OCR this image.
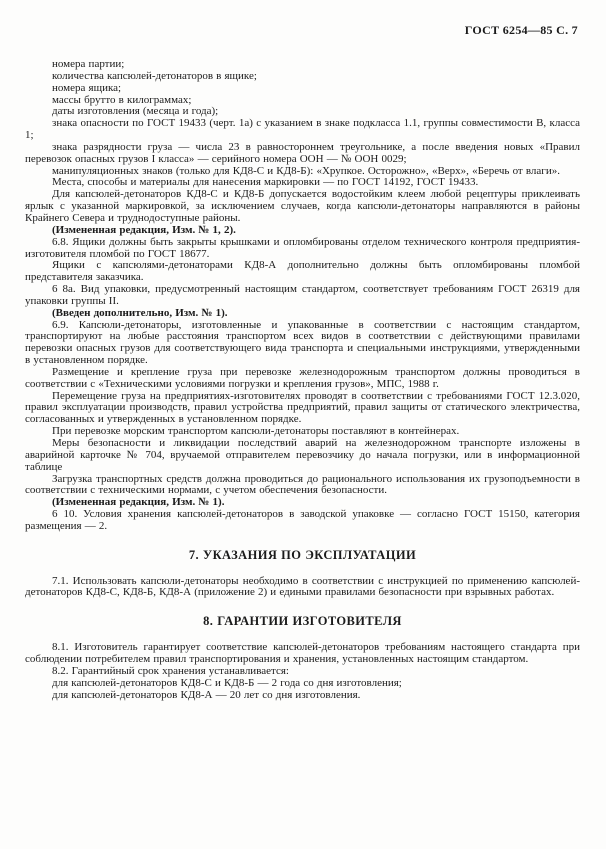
ГОСТ 6254—85 С. 7

номера партии;

количества капсюлей-детонаторов в ящике;

номера ящика;

массы брутто в килограммах;

даты изготовления (месяца и года);

знака опасности по ГОСТ 19433 (черт. 1а) с указанием в знаке подкласса 1.1, группы совместимости В, класса 1;

знака разрядности груза — числа 23 в равностороннем треугольнике, а после введения новых «Правил перевозок опасных грузов I класса» — серийного номера ООН — № ООН 0029;

манипуляционных знаков (только для КД8-С и КД8-Б): «Хрупкое. Осторожно», «Верх», «Беречь от влаги».

Места, способы и материалы для нанесения маркировки — по ГОСТ 14192, ГОСТ 19433.

Для капсюлей-детонаторов КД8-С и КД8-Б допускается водостойким клеем любой рецептуры приклеивать ярлык с указанной маркировкой, за исключением случаев, когда капсюли-детонаторы направляются в районы Крайнего Севера и труднодоступные районы.

(Измененная редакция, Изм. № 1, 2).

6.8. Ящики должны быть закрыты крышками и опломбированы отделом технического контроля предприятия-изготовителя пломбой по ГОСТ 18677.

Ящики с капсюлями-детонаторами КД8-А дополнительно должны быть опломбированы пломбой представителя заказчика.

6 8а. Вид упаковки, предусмотренный настоящим стандартом, соответствует требованиям ГОСТ 26319 для упаковки группы II.

(Введен дополнительно, Изм. № 1).

6.9. Капсюли-детонаторы, изготовленные и упакованные в соответствии с настоящим стандартом, транспортируют на любые расстояния транспортом всех видов в соответствии с действующими правилами перевозки опасных грузов для соответствующего вида транспорта и специальными инструкциями, утвержденными в установленном порядке.

Размещение и крепление груза при перевозке железнодорожным транспортом должны проводиться в соответствии с «Техническими условиями погрузки и крепления грузов», МПС, 1988 г.

Перемещение груза на предприятиях-изготовителях проводят в соответствии с требованиями ГОСТ 12.3.020, правил эксплуатации производств, правил устройства предприятий, правил защиты от статического электричества, согласованных и утвержденных в установленном порядке.

При перевозке морским транспортом капсюли-детонаторы поставляют в контейнерах.

Меры безопасности и ликвидации последствий аварий на железнодорожном транспорте изложены в аварийной карточке № 704, вручаемой отправителем перевозчику до начала погрузки, или в информационной таблице

Загрузка транспортных средств должна проводиться до рационального использования их грузоподъемности в соответствии с техническими нормами, с учетом обеспечения безопасности.

(Измененная редакция, Изм. № 1).

6 10. Условия хранения капсюлей-детонаторов в заводской упаковке — согласно ГОСТ 15150, категория размещения — 2.

7. УКАЗАНИЯ ПО ЭКСПЛУАТАЦИИ

7.1. Использовать капсюли-детонаторы необходимо в соответствии с инструкцией по применению капсюлей-детонаторов КД8-С, КД8-Б, КД8-А (приложение 2) и едиными правилами безопасности при взрывных работах.

8. ГАРАНТИИ ИЗГОТОВИТЕЛЯ

8.1. Изготовитель гарантирует соответствие капсюлей-детонаторов требованиям настоящего стандарта при соблюдении потребителем правил транспортирования и хранения, установленных настоящим стандартом.

8.2. Гарантийный срок хранения устанавливается:

для капсюлей-детонаторов КД8-С и КД8-Б — 2 года со дня изготовления;

для капсюлей-детонаторов КД8-А — 20 лет со дня изготовления.
